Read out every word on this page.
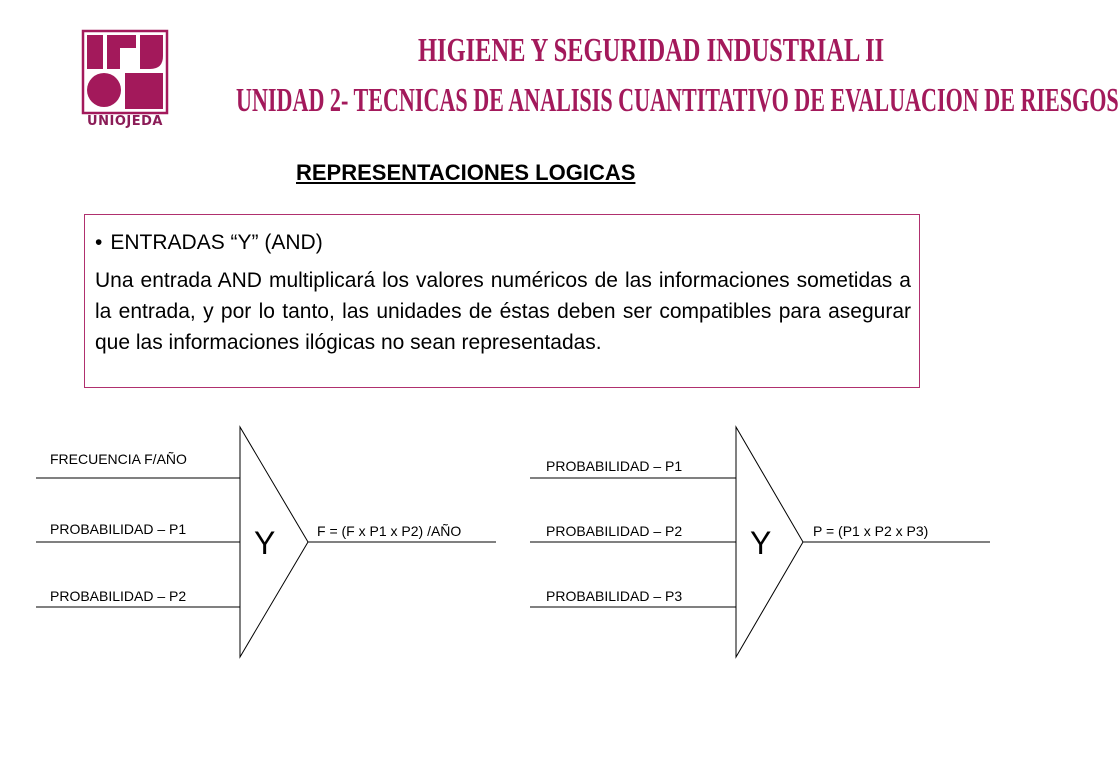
UNIOJEDA
HIGIENE Y SEGURIDAD INDUSTRIAL II
UNIDAD 2- TECNICAS DE ANALISIS CUANTITATIVO DE EVALUACION DE RIESGOS
REPRESENTACIONES LOGICAS
• ENTRADAS “Y” (AND)
Una entrada AND multiplicará los valores numéricos de las informaciones sometidas a la entrada, y por lo tanto, las unidades de éstas deben ser compatibles para asegurar que las informaciones ilógicas no sean representadas.
FRECUENCIA F/AÑO
PROBABILIDAD – P1
PROBABILIDAD – P2
Y	F = (F x P1 x P2) /AÑO
PROBABILIDAD – P1
PROBABILIDAD – P2
PROBABILIDAD – P3
Y	P = (P1 x P2 x P3)
